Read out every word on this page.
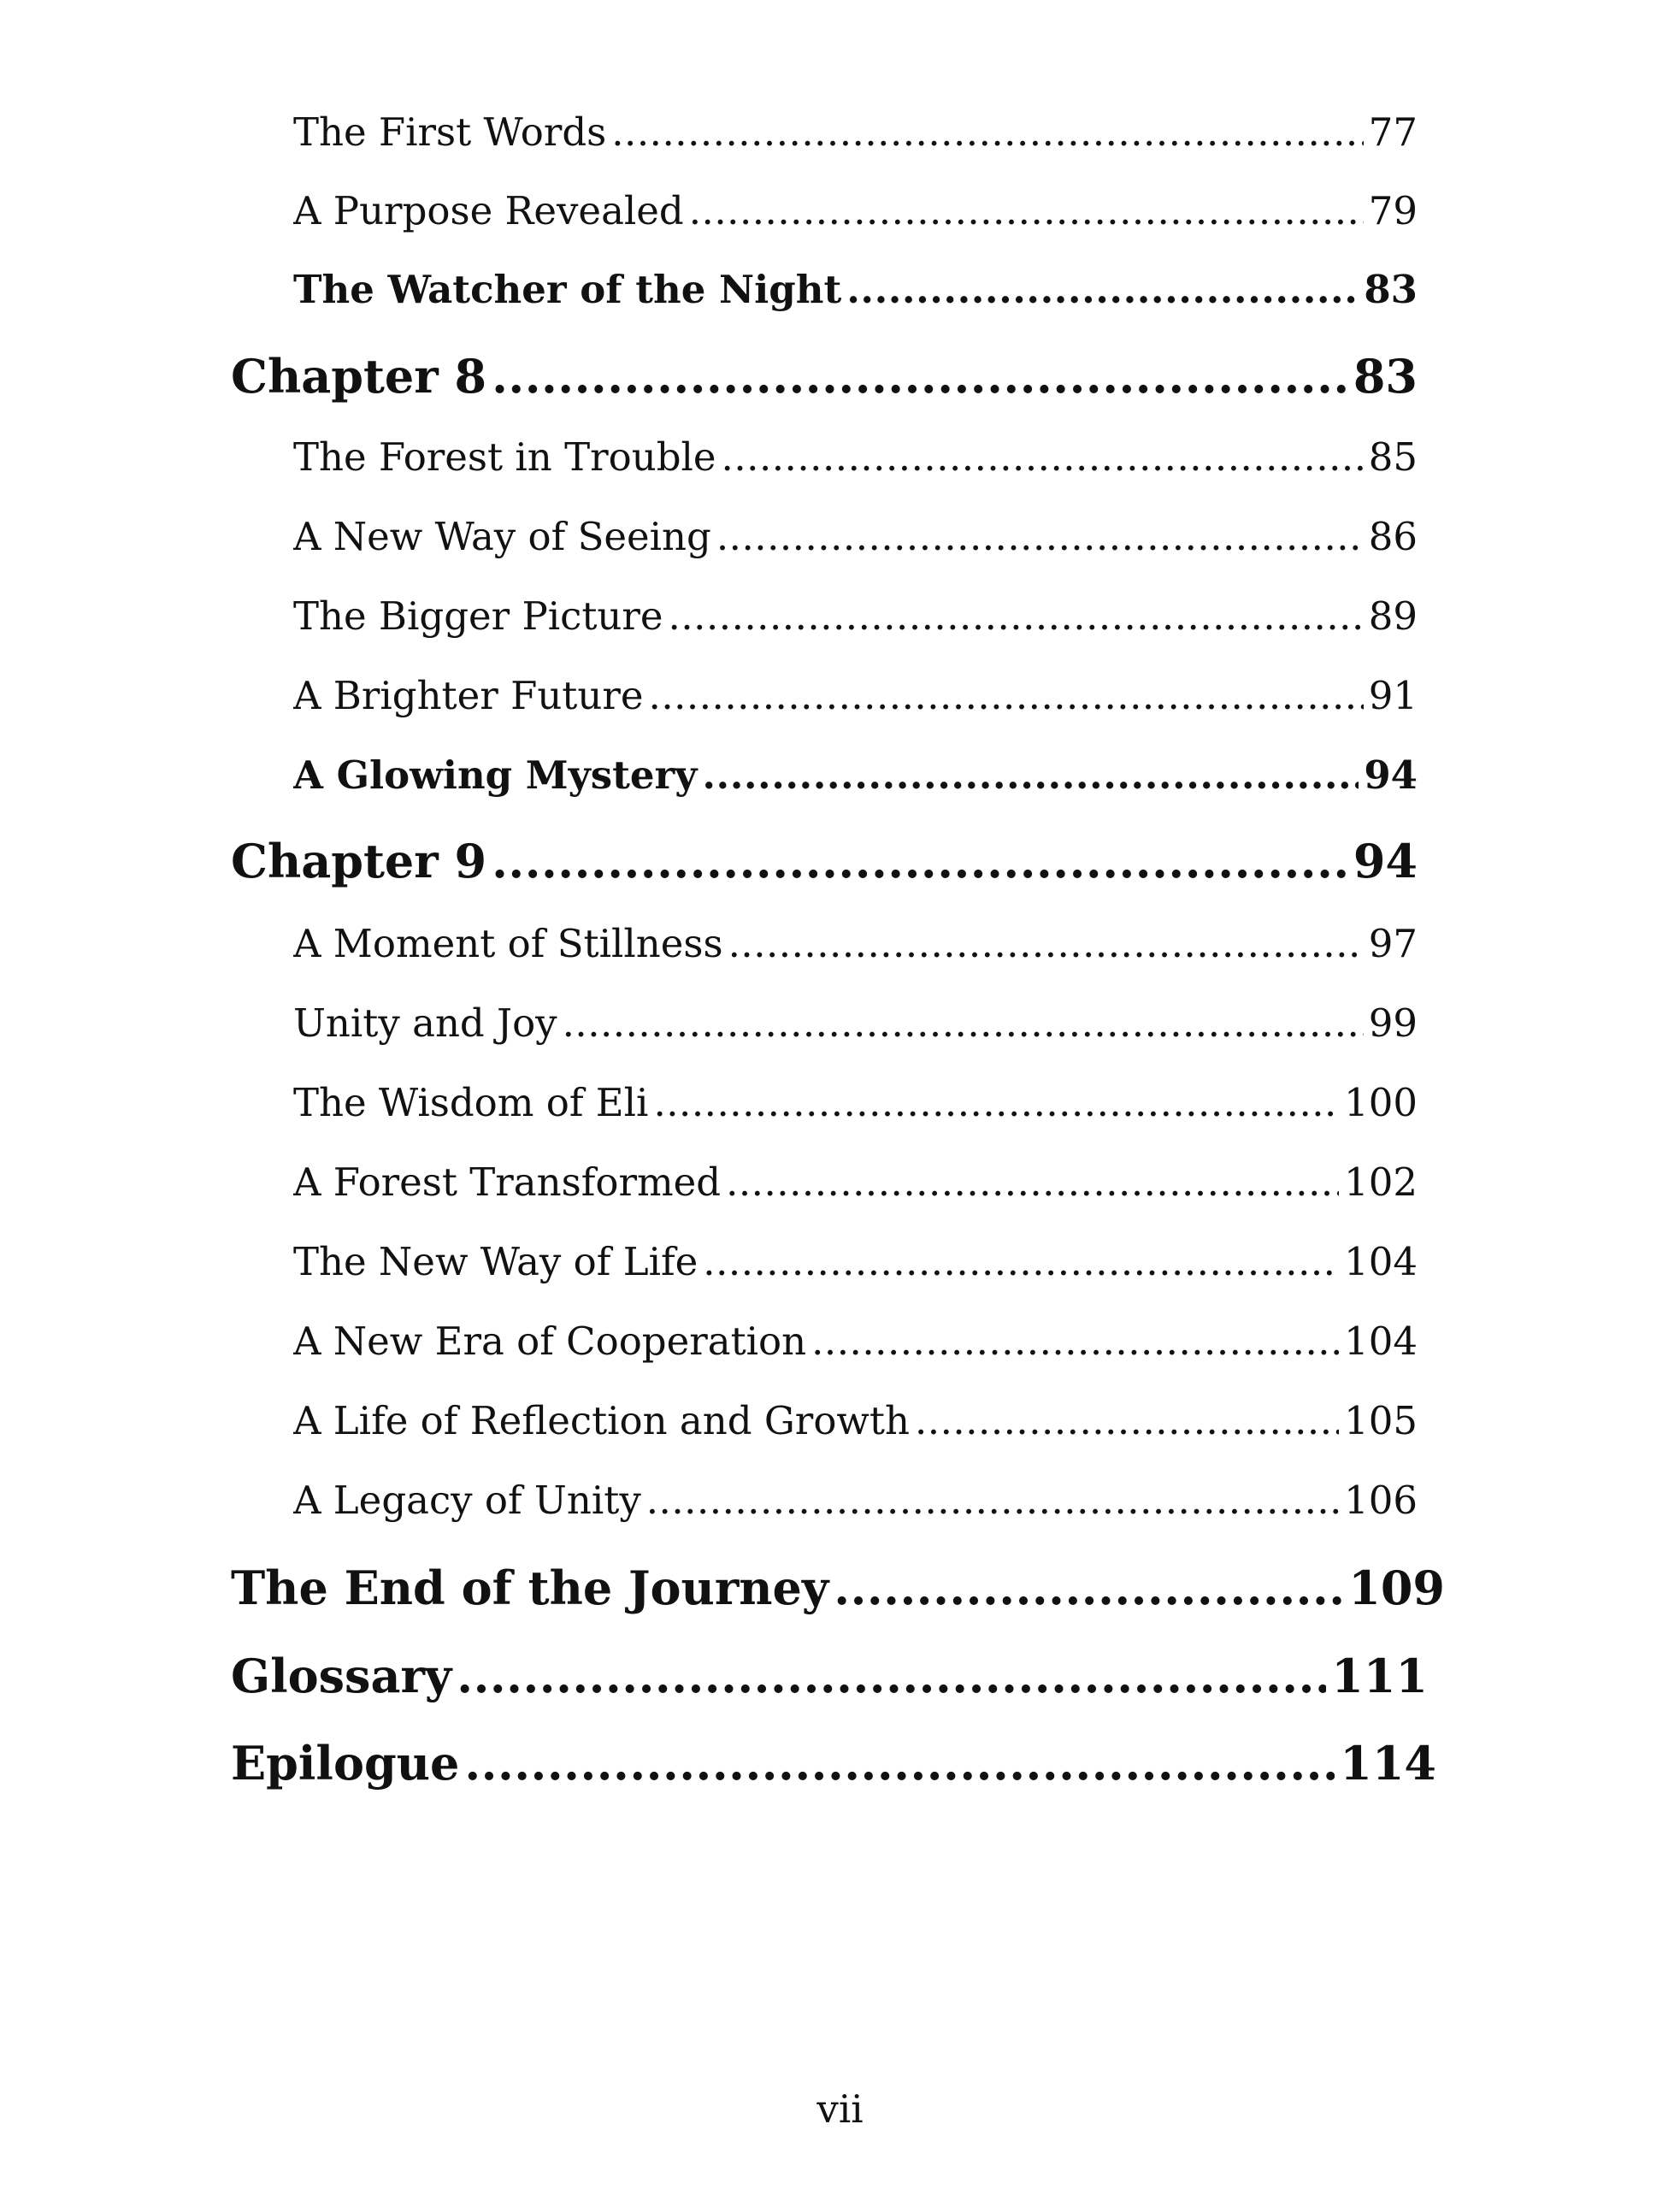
The First Words .....	77
A Purpose Revealed .....	79
The Watcher of the Night .....	83
Chapter 8 .....	83
The Forest in Trouble .....	85
A New Way of Seeing .....	86
The Bigger Picture .....	89
A Brighter Future .....	91
A Glowing Mystery .....	94
Chapter 9 .....	94
A Moment of Stillness .....	97
Unity and Joy .....	99
The Wisdom of Eli .....	100
A Forest Transformed .....	102
The New Way of Life .....	104
A New Era of Cooperation .....	104
A Life of Reflection and Growth .....	105
A Legacy of Unity .....	106
The End of the Journey .....	109
Glossary .....	111
Epilogue .....	114
vii
